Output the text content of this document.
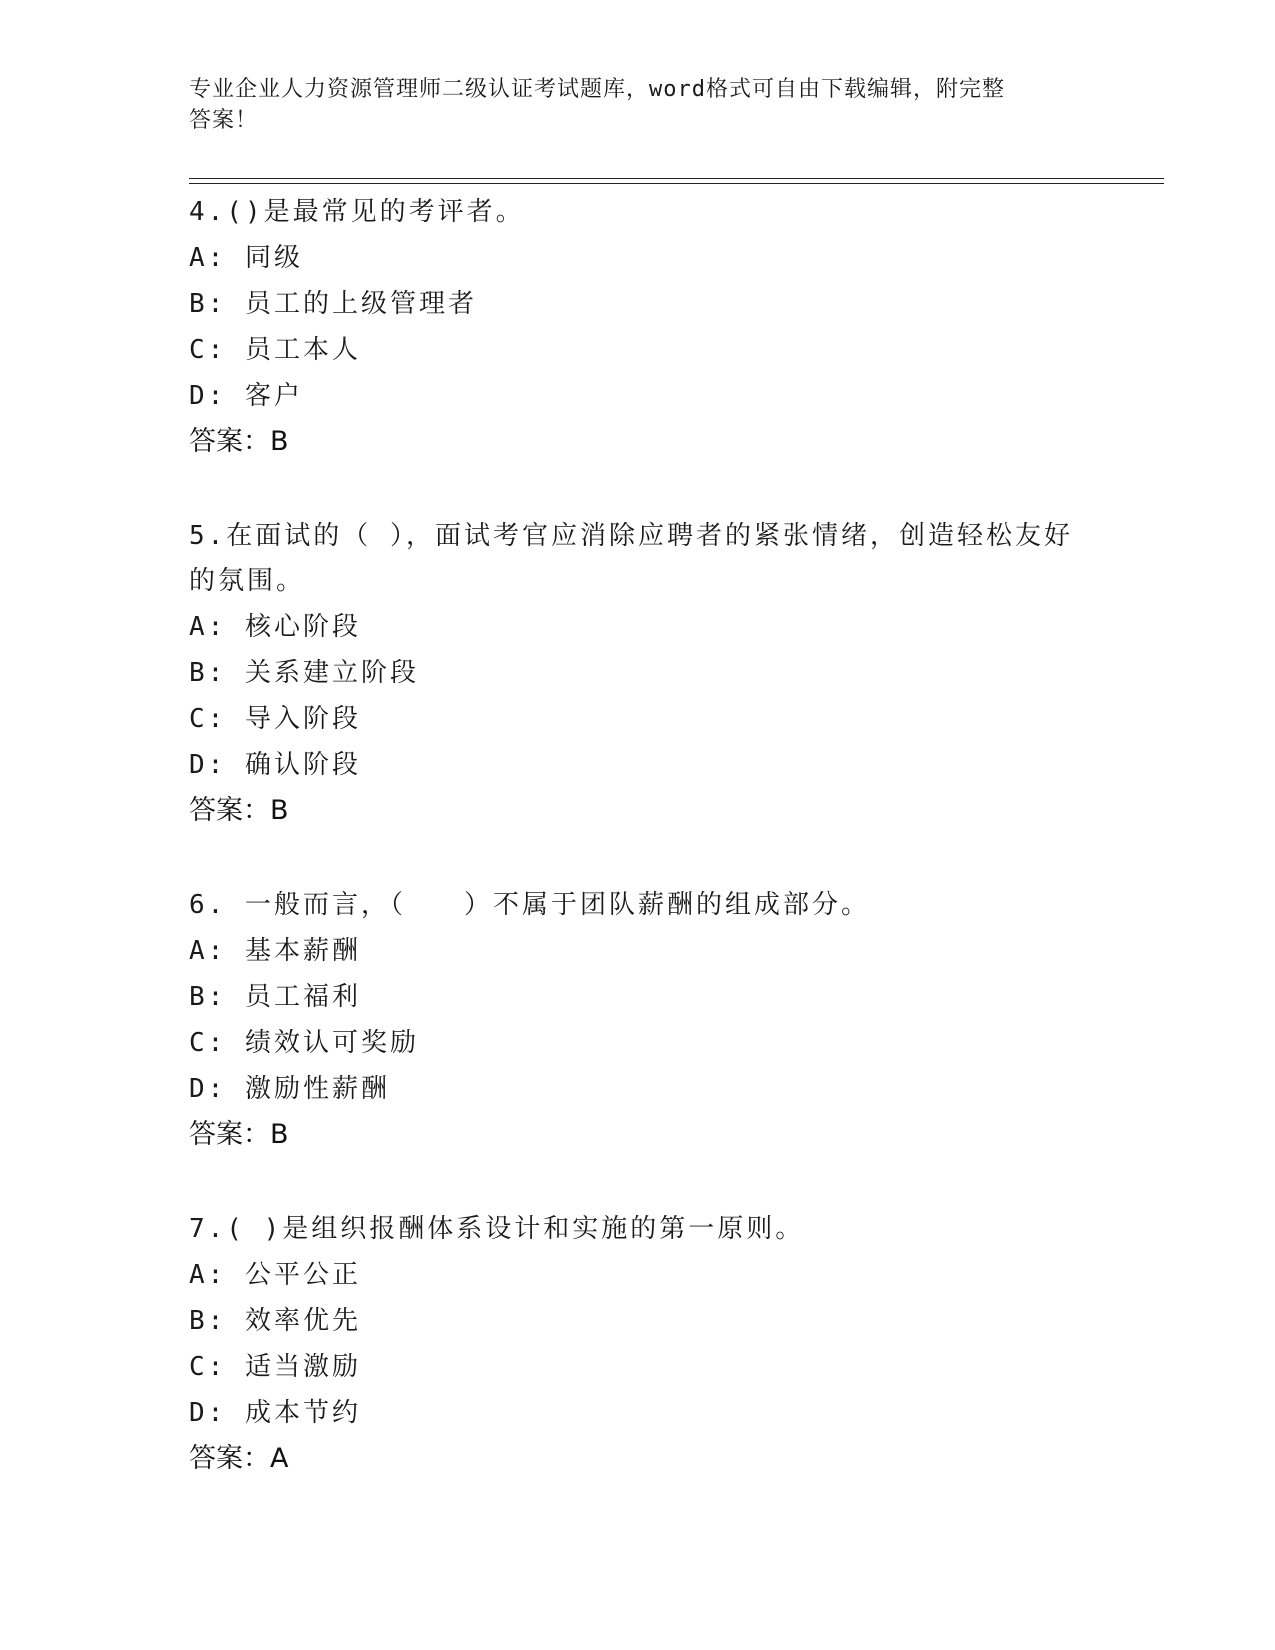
专业企业人力资源管理师二级认证考试题库，word格式可自由下载编辑，附完整
答案！
4.()是最常见的考评者。
A: 同级
B: 员工的上级管理者
C: 员工本人
D: 客户
答案：B
5.在面试的（ ），面试考官应消除应聘者的紧张情绪，创造轻松友好的氛围。
A: 核心阶段
B: 关系建立阶段
C: 导入阶段
D: 确认阶段
答案：B
6. 一般而言，（　　）不属于团队薪酬的组成部分。
A: 基本薪酬
B: 员工福利
C: 绩效认可奖励
D: 激励性薪酬
答案：B
7.( )是组织报酬体系设计和实施的第一原则。
A: 公平公正
B: 效率优先
C: 适当激励
D: 成本节约
答案：A
